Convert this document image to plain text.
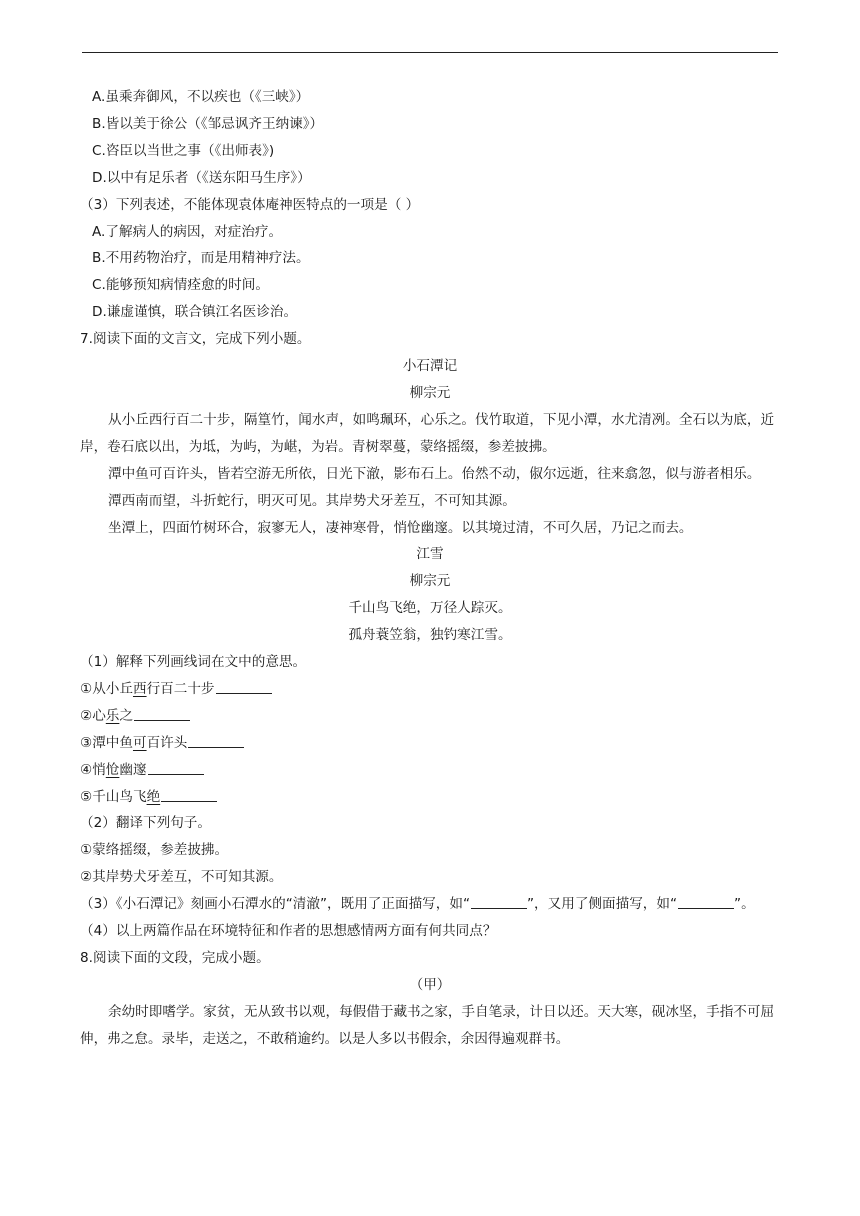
A.虽乘奔御风，不以疾也（《三峡》）
B.皆以美于徐公（《邹忌讽齐王纳谏》）
C.咨臣以当世之事（《出师表》)
D.以中有足乐者（《送东阳马生序》）
（3）下列表述，不能体现袁体庵神医特点的一项是（ ）
A.了解病人的病因，对症治疗。
B.不用药物治疗，而是用精神疗法。
C.能够预知病情痊愈的时间。
D.谦虚谨慎，联合镇江名医诊治。
7.阅读下面的文言文，完成下列小题。
小石潭记
柳宗元
从小丘西行百二十步，隔篁竹，闻水声，如鸣珮环，心乐之。伐竹取道，下见小潭，水尤清冽。全石以为底，近岸，卷石底以出，为坻，为屿，为嵁，为岩。青树翠蔓，蒙络摇缀，参差披拂。
潭中鱼可百许头，皆若空游无所依，日光下澈，影布石上。佁然不动，俶尔远逝，往来翕忽，似与游者相乐。
潭西南而望，斗折蛇行，明灭可见。其岸势犬牙差互，不可知其源。
坐潭上，四面竹树环合，寂寥无人，凄神寒骨，悄怆幽邃。以其境过清，不可久居，乃记之而去。
江雪
柳宗元
千山鸟飞绝，万径人踪灭。
孤舟蓑笠翁，独钓寒江雪。
（1）解释下列画线词在文中的意思。
①从小丘西行百二十步
②心乐之
③潭中鱼可百许头
④悄怆幽邃
⑤千山鸟飞绝
（2）翻译下列句子。
①蒙络摇缀，参差披拂。
②其岸势犬牙差互，不可知其源。
（3）《小石潭记》刻画小石潭水的“清澈”，既用了正面描写，如“	”，又用了侧面描写，如“	”。
（4）以上两篇作品在环境特征和作者的思想感情两方面有何共同点？
8.阅读下面的文段，完成小题。
（甲）
余幼时即嗜学。家贫，无从致书以观，每假借于藏书之家，手自笔录，计日以还。天大寒，砚冰坚，手指不可屈伸，弗之怠。录毕，走送之，不敢稍逾约。以是人多以书假余，余因得遍观群书。
